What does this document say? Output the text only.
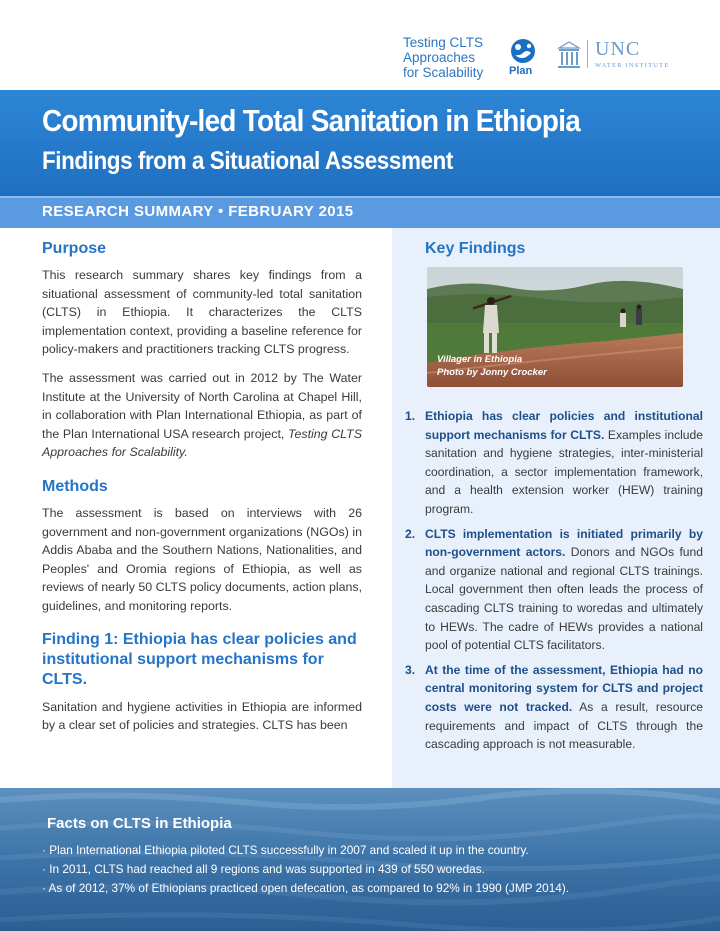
Testing CLTS
Approaches
for Scalability	Plan
UNC
WATER INSTITUTE
Community-led Total Sanitation in Ethiopia
Findings from a Situational Assessment
RESEARCH SUMMARY • FEBRUARY 2015
Purpose

This research summary shares key findings from a situational assessment of community-led total sanitation (CLTS) in Ethiopia. It characterizes the CLTS implementation context, providing a baseline reference for policy-makers and practitioners tracking CLTS progress.

The assessment was carried out in 2012 by The Water Institute at the University of North Carolina at Chapel Hill, in collaboration with Plan International Ethiopia, as part of the Plan International USA research project, Testing CLTS Approaches for Scalability.

Methods

The assessment is based on interviews with 26 government and non-government organizations (NGOs) in Addis Ababa and the Southern Nations, Nationalities, and Peoples' and Oromia regions of Ethiopia, as well as reviews of nearly 50 CLTS policy documents, action plans, guidelines, and monitoring reports.

Finding 1: Ethiopia has clear policies and institutional support mechanisms for CLTS.

Sanitation and hygiene activities in Ethiopia are informed by a clear set of policies and strategies. CLTS has been

Key Findings
Villager in Ethiopia
Photo by Jonny Crocker
1. Ethiopia has clear policies and institutional support mechanisms for CLTS. Examples include sanitation and hygiene strategies, inter-ministerial coordination, a sector implementation framework, and a health extension worker (HEW) training program.
2. CLTS implementation is initiated primarily by non-government actors. Donors and NGOs fund and organize national and regional CLTS trainings. Local government then often leads the process of cascading CLTS training to woredas and ultimately to HEWs. The cadre of HEWs provides a national pool of potential CLTS facilitators.
3. At the time of the assessment, Ethiopia had no central monitoring system for CLTS and project costs were not tracked. As a result, resource requirements and impact of CLTS through the cascading approach is not measurable.
Facts on CLTS in Ethiopia
· Plan International Ethiopia piloted CLTS successfully in 2007 and scaled it up in the country.
· In 2011, CLTS had reached all 9 regions and was supported in 439 of 550 woredas.
· As of 2012, 37% of Ethiopians practiced open defecation, as compared to 92% in 1990 (JMP 2014).
